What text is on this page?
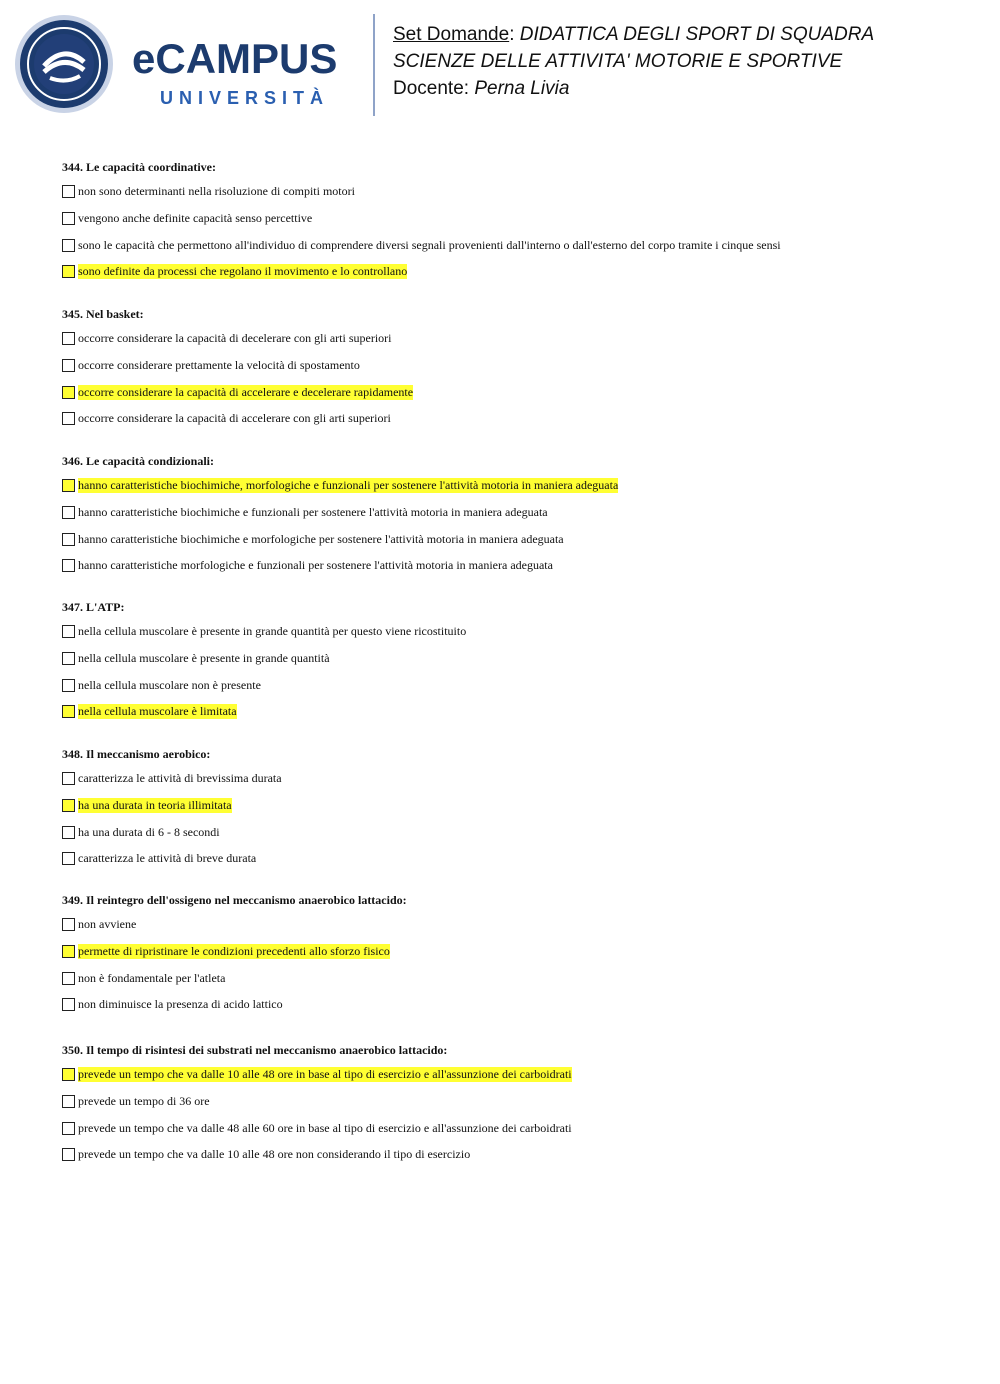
eCAMPUS
UNIVERSITÀ
Set Domande: DIDATTICA DEGLI SPORT DI SQUADRA
SCIENZE DELLE ATTIVITA' MOTORIE E SPORTIVE
Docente: Perna Livia
344. Le capacità coordinative:
non sono determinanti nella risoluzione di compiti motori
vengono anche definite capacità senso percettive
sono le capacità che permettono all'individuo di comprendere diversi segnali provenienti dall'interno o dall'esterno del corpo tramite i cinque sensi
sono definite da processi che regolano il movimento e lo controllano
345. Nel basket:
occorre considerare la capacità di decelerare con gli arti superiori
occorre considerare prettamente la velocità di spostamento
occorre considerare la capacità di accelerare e decelerare rapidamente
occorre considerare la capacità di accelerare con gli arti superiori
346. Le capacità condizionali:
hanno caratteristiche biochimiche, morfologiche e funzionali per sostenere l'attività motoria in maniera adeguata
hanno caratteristiche biochimiche e funzionali per sostenere l'attività motoria in maniera adeguata
hanno caratteristiche biochimiche e morfologiche per sostenere l'attività motoria in maniera adeguata
hanno caratteristiche morfologiche e funzionali per sostenere l'attività motoria in maniera adeguata
347. L'ATP:
nella cellula muscolare è presente in grande quantità per questo viene ricostituito
nella cellula muscolare è presente in grande quantità
nella cellula muscolare non è presente
nella cellula muscolare è limitata
348. Il meccanismo aerobico:
caratterizza le attività di brevissima durata
ha una durata in teoria illimitata
ha una durata di 6 - 8 secondi
caratterizza le attività di breve durata
349. Il reintegro dell'ossigeno nel meccanismo anaerobico lattacido:
non avviene
permette di ripristinare le condizioni precedenti allo sforzo fisico
non è fondamentale per l'atleta
non diminuisce la presenza di acido lattico
350. Il tempo di risintesi dei substrati nel meccanismo anaerobico lattacido:
prevede un tempo che va dalle 10 alle 48 ore in base al tipo di esercizio e all'assunzione dei carboidrati
prevede un tempo di 36 ore
prevede un tempo che va dalle 48 alle 60 ore in base al tipo di esercizio e all'assunzione dei carboidrati
prevede un tempo che va dalle 10 alle 48 ore non considerando il tipo di esercizio
